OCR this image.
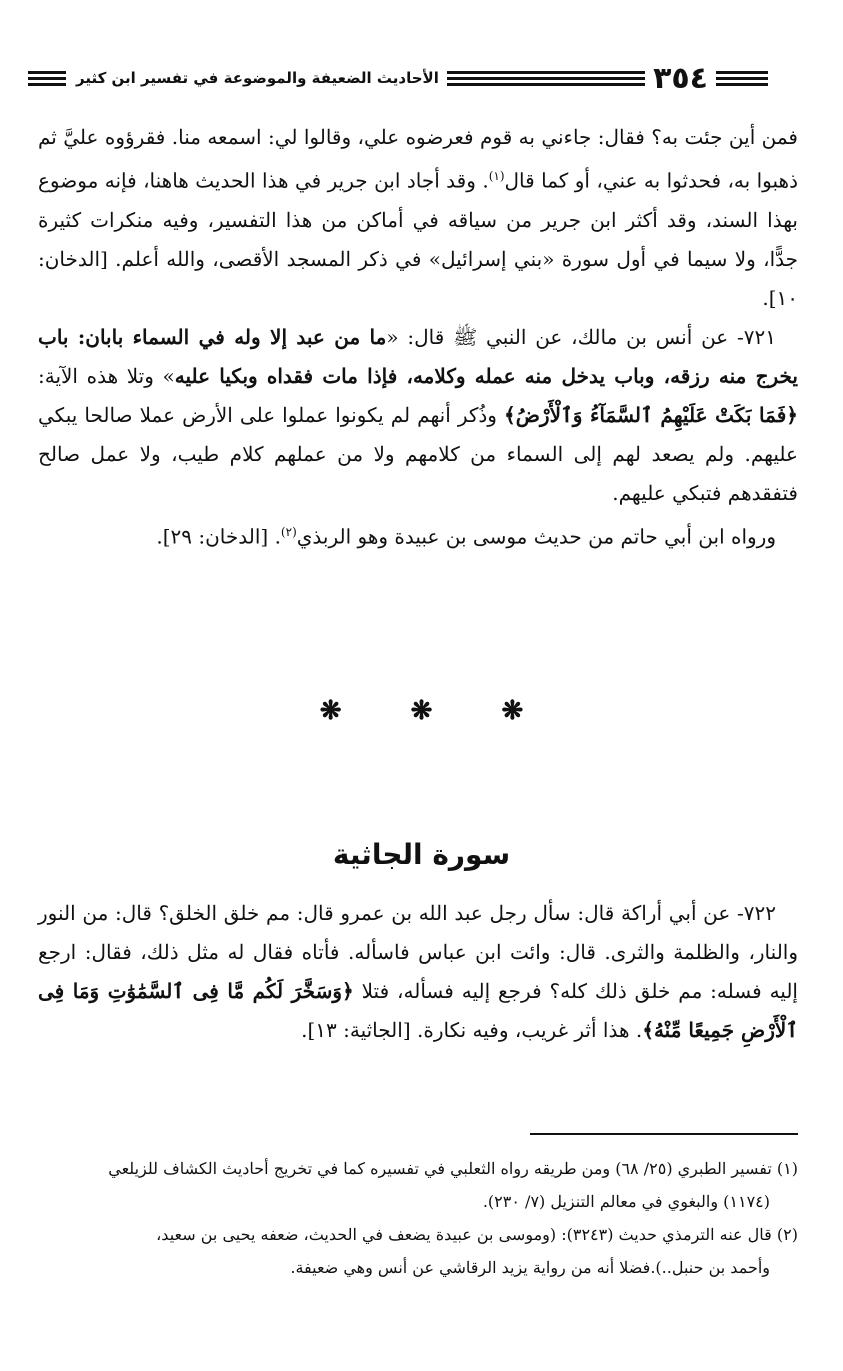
الأحاديث الضعيفة والموضوعة في تفسير ابن كثير	٣٥٤

فمن أين جئت به؟ فقال: جاءني به قوم فعرضوه علي، وقالوا لي: اسمعه منا. فقرؤوه عليَّ ثم ذهبوا به، فحدثوا به عني، أو كما قال$^{(١)}$. وقد أجاد ابن جرير في هذا الحديث هاهنا، فإنه موضوع بهذا السند، وقد أكثر ابن جرير من سياقه في أماكن من هذا التفسير، وفيه منكرات كثيرة جدًّا، ولا سيما في أول سورة «بني إسرائيل» في ذكر المسجد الأقصى، والله أعلم. [الدخان: ١٠].

٧٢١- عن أنس بن مالك، عن النبي ﷺ قال: «ما من عبد إلا وله في السماء بابان: باب يخرج منه رزقه، وباب يدخل منه عمله وكلامه، فإذا مات فقداه وبكيا عليه» وتلا هذه الآية: ﴿فَمَا بَكَتْ عَلَيْهِمُ ٱلسَّمَآءُ وَٱلْأَرْضُ﴾ وذُكر أنهم لم يكونوا عملوا على الأرض عملا صالحا يبكي عليهم. ولم يصعد لهم إلى السماء من كلامهم ولا من عملهم كلام طيب، ولا عمل صالح فتفقدهم فتبكي عليهم.

ورواه ابن أبي حاتم من حديث موسى بن عبيدة وهو الربذي$^{(٢)}$. [الدخان: ٢٩].

❋	❋	❋
سورة الجاثية

٧٢٢- عن أبي أراكة قال: سأل رجل عبد الله بن عمرو قال: مم خلق الخلق؟ قال: من النور والنار، والظلمة والثرى. قال: وائت ابن عباس فاسأله. فأتاه فقال له مثل ذلك، فقال: ارجع إليه فسله: مم خلق ذلك كله؟ فرجع إليه فسأله، فتلا ﴿وَسَخَّرَ لَكُم مَّا فِى ٱلسَّمَٰوَٰتِ وَمَا فِى ٱلْأَرْضِ جَمِيعًا مِّنْهُ﴾. هذا أثر غريب، وفيه نكارة. [الجاثية: ١٣].

(١) تفسير الطبري (٢٥/ ٦٨) ومن طريقه رواه الثعلبي في تفسيره كما في تخريج أحاديث الكشاف للزيلعي

(١١٧٤) والبغوي في معالم التنزيل (٧/ ٢٣٠).

(٢) قال عنه الترمذي حديث (٣٢٤٣): (وموسى بن عبيدة يضعف في الحديث، ضعفه يحيى بن سعيد،

وأحمد بن حنبل..).فضلا أنه من رواية يزيد الرقاشي عن أنس وهي ضعيفة.
